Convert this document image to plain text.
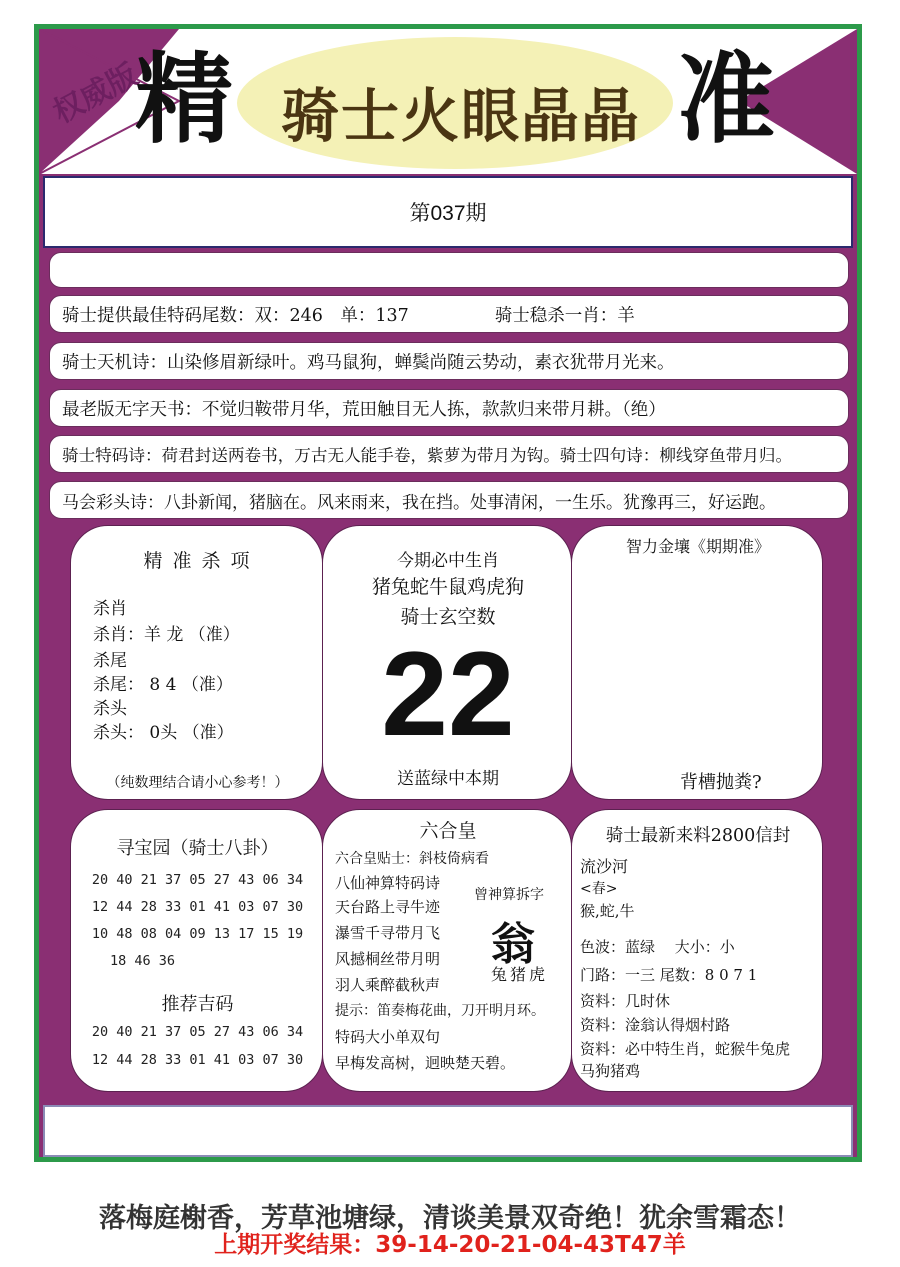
权威版
精 骑士火眼晶晶 准
第037期
骑士提供最佳特码尾数：双：246　单：137	骑士稳杀一肖：羊
骑士天机诗：山染修眉新绿叶。鸡马鼠狗，蝉鬓尚随云势动，素衣犹带月光来。
最老版无字天书：不觉归鞍带月华，荒田触目无人拣，款款归来带月耕。（绝）
骑士特码诗：荷君封送两卷书，万古无人能手卷，紫萝为带月为钩。骑士四句诗：柳线穿鱼带月归。
马会彩头诗：八卦新闻，猪脑在。风来雨来，我在挡。处事清闲，一生乐。犹豫再三，好运跑。
精 准 杀 项
杀肖
杀肖：羊 龙 （准）
杀尾
杀尾： 8 4 （准）
杀头
杀头： 0头 （准）
（纯数理结合请小心参考！）
今期必中生肖
猪兔蛇牛鼠鸡虎狗
骑士玄空数
22
送蓝绿中本期
智力金壤《期期准》
背槽抛粪?
寻宝园（骑士八卦）
20 40 21 37 05 27 43 06 34
12 44 28 33 01 41 03 07 30
10 48 08 04 09 13 17 15 19
18 46 36
推荐吉码
20 40 21 37 05 27 43 06 34
12 44 28 33 01 41 03 07 30
六合皇
六合皇贴士：斜枝倚病看
八仙神算特码诗
天台路上寻牛迹
瀑雪千寻带月飞
风撼桐丝带月明
羽人乘醉截秋声
曾神算拆字
翁
兔猪虎
提示：笛奏梅花曲，刀开明月环。
特码大小单双句
早梅发高树，迥映楚天碧。
骑士最新来料2800信封
流沙河
<春>
猴,蛇,牛
色波：蓝绿　 大小：小
门路：一三 尾数：8 0 7 1
资料：几时休
资料：淦翁认得烟村路
资料：必中特生肖，蛇猴牛兔虎
马狗猪鸡
落梅庭榭香，芳草池塘绿，清谈美景双奇绝！犹余雪霜态！
上期开奖结果：39-14-20-21-04-43T47羊
